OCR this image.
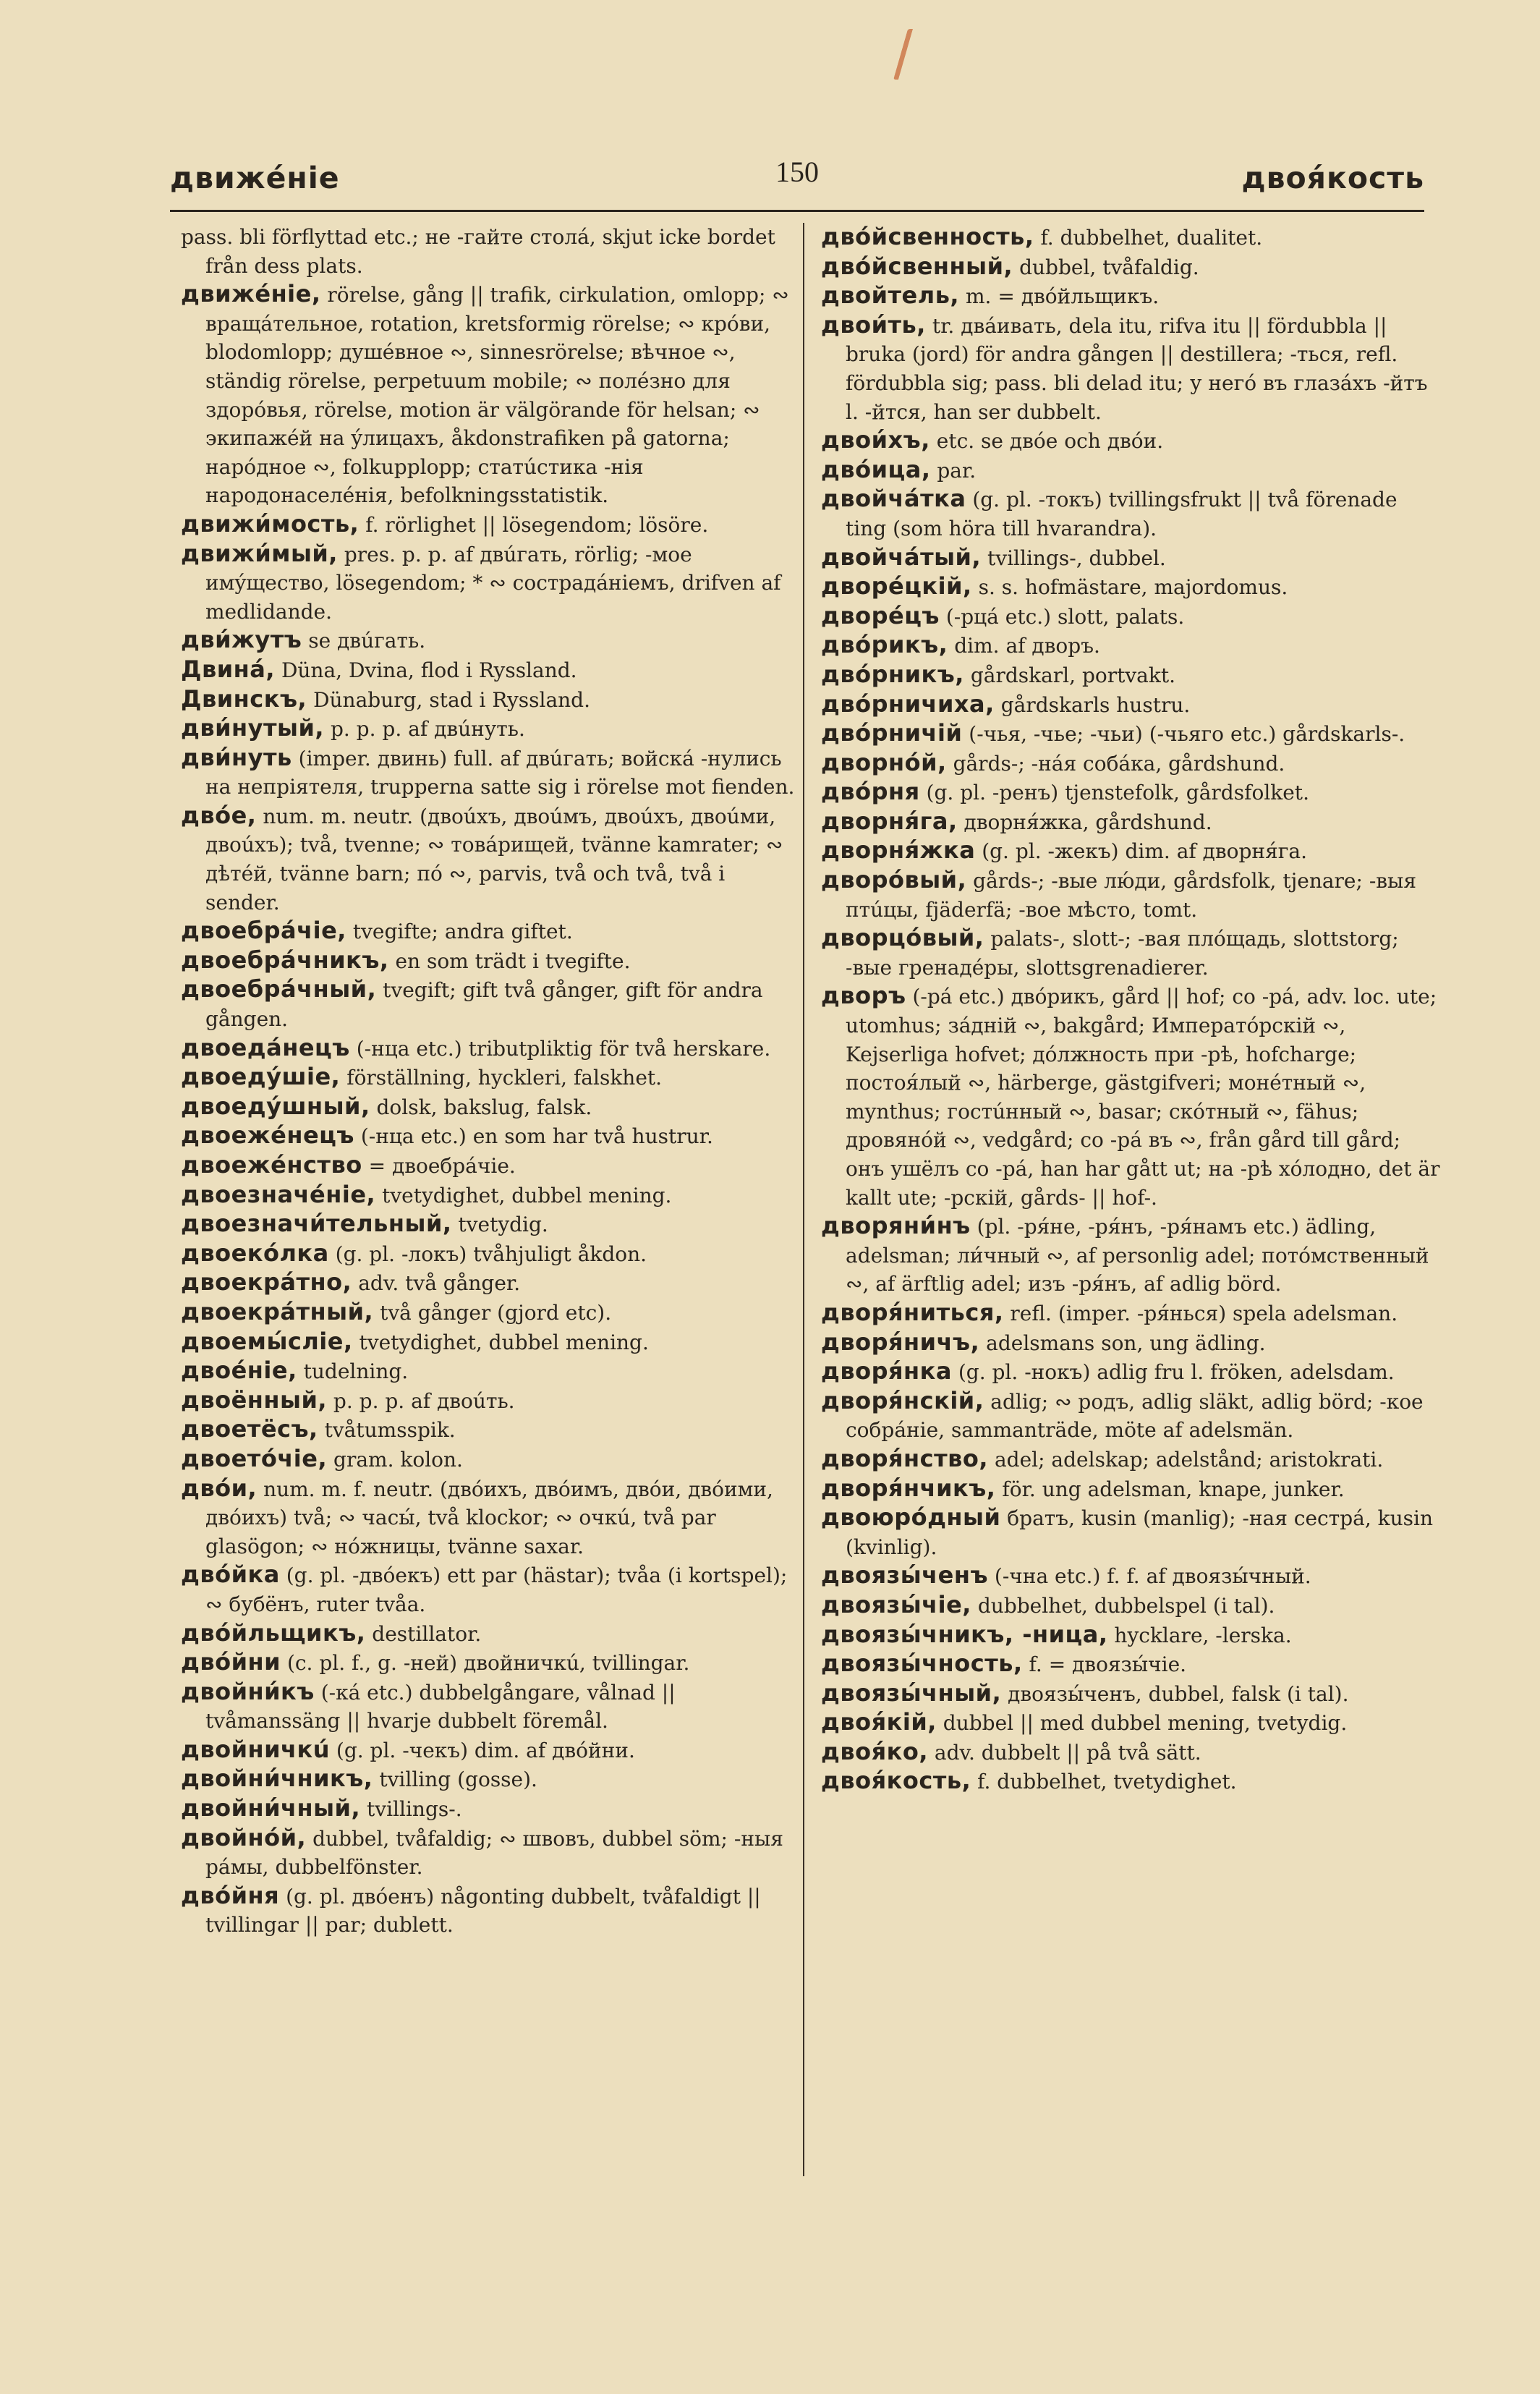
движéніе	150	двоя́кость

pass. bli förflyttad etc.; не -гайте столá, skjut icke bordet från dess plats.

движéніе, rörelse, gång || trafik, cirkulation, omlopp; ∾ вращáтельное, rotation, kretsformig rörelse; ∾ крóви, blodomlopp; душéвное ∾, sinnesrörelse; вѣчное ∾, ständig rörelse, perpetuum mobile; ∾ полéзно для здорóвья, rörelse, motion är välgörande för helsan; ∾ экипажéй на ýлицахъ, åkdonstrafiken på gatorna; нарóдное ∾, folkupplopp; статúстика -нія народонаселéнія, befolkningsstatistik.

движи́мость, f. rörlighet || lösegendom; lösöre.

движи́мый, pres. p. p. af двúгать, rörlig; -мое имýщество, lösegendom; * ∾ сострадáніемъ, drifven af medlidande.

дви́жутъ se двúгать.

Двина́, Düna, Dvina, flod i Ryssland.

Двинскъ, Dünaburg, stad i Ryssland.

дви́нутый, p. p. p. af двúнуть.

дви́нуть (imper. двинь) full. af двúгать; войскá -нулись на непріятеля, trupperna satte sig i rörelse mot fienden.

двóе, num. m. neutr. (двоúхъ, двоúмъ, двоúхъ, двоúми, двоúхъ); två, tvenne; ∾ товáрищей, tvänne kamrater; ∾ дѣтéй, tvänne barn; пó ∾, parvis, två och två, två i sender.

двоебрáчіе, tvegifte; andra giftet.

двоебрáчникъ, en som trädt i tvegifte.

двоебрáчный, tvegift; gift två gånger, gift för andra gången.

двоедáнецъ (-нца etc.) tributpliktig för två herskare.

двоедýшіе, förställning, hyckleri, falskhet.

двоедýшный, dolsk, bakslug, falsk.

двоежéнецъ (-нца etc.) en som har två hustrur.

двоежéнство = двоебрáчіе.

двоезначéніе, tvetydighet, dubbel mening.

двоезначи́тельный, tvetydig.

двоекóлка (g. pl. -локъ) tvåhjuligt åkdon.

двоекрáтно, adv. två gånger.

двоекрáтный, två gånger (gjord etc).

двоемы́сліе, tvetydighet, dubbel mening.

двоéніе, tudelning.

двоённый, p. p. p. af двоúть.

двоетёсъ, tvåtumsspik.

двоетóчіе, gram. kolon.

двóи, num. m. f. neutr. (двóихъ, двóимъ, двóи, двóими, двóихъ) två; ∾ часы́, två klockor; ∾ очкú, två par glasögon; ∾ нóжницы, tvänne saxar.

двóйка (g. pl. -двóекъ) ett par (hästar); tvåa (i kortspel); ∾ бубёнъ, ruter tvåa.

двóйльщикъ, destillator.

двóйни (c. pl. f., g. -ней) двойничкú, tvillingar.

двойни́къ (-кá etc.) dubbelgångare, vålnad || tvåmanssäng || hvarje dubbelt föremål.

двойничкú (g. pl. -чекъ) dim. af двóйни.

двойни́чникъ, tvilling (gosse).

двойни́чный, tvillings-.

двойнóй, dubbel, tvåfaldig; ∾ швовъ, dubbel söm; -ныя рáмы, dubbelfönster.

двóйня (g. pl. двóенъ) någonting dubbelt, tvåfaldigt || tvillingar || par; dublett.

двóйсвенность, f. dubbelhet, dualitet.

двóйсвенный, dubbel, tvåfaldig.

двойтель, m. = двóйльщикъ.

двои́ть, tr. двáивать, dela itu, rifva itu || fördubbla || bruka (jord) för andra gången || destillera; -ться, refl. fördubbla sig; pass. bli delad itu; у негó въ глазáхъ -йтъ l. -йтся, han ser dubbelt.

двои́хъ, etc. se двóе och двóи.

двóица, par.

двойчáтка (g. pl. -токъ) tvillingsfrukt || två förenade ting (som höra till hvarandra).

двойчáтый, tvillings-, dubbel.

дворéцкій, s. s. hofmästare, majordomus.

дворéцъ (-рцá etc.) slott, palats.

двóрикъ, dim. af дворъ.

двóрникъ, gårdskarl, portvakt.

двóрничиха, gårdskarls hustru.

двóрничій (-чья, -чье; -чьи) (-чьяго etc.) gårdskarls-.

дворнóй, gårds-; -нáя собáка, gårdshund.

двóрня (g. pl. -ренъ) tjenstefolk, gårdsfolket.

дворня́га, дворня́жка, gårdshund.

дворня́жка (g. pl. -жекъ) dim. af дворня́га.

дворóвый, gårds-; -вые лю́ди, gårdsfolk, tjenare; -выя птúцы, fjäderfä; -вое мѣсто, tomt.

дворцóвый, palats-, slott-; -вая плóщадь, slottstorg; -вые гренадéры, slottsgrenadierer.

дворъ (-рá etc.) двóрикъ, gård || hof; co -рá, adv. loc. ute; utomhus; зáдній ∾, bakgård; Императóрскій ∾, Kejserliga hofvet; дóлжность при -рѣ, hofcharge; постоя́лый ∾, härberge, gästgifveri; монéтный ∾, mynthus; гостúнный ∾, basar; скóтный ∾, fähus; дровянóй ∾, vedgård; со -рá въ ∾, från gård till gård; онъ ушёлъ со -рá, han har gått ut; на -рѣ хóлодно, det är kallt ute; -рскій, gårds- || hof-.

дворяни́нъ (pl. -ря́не, -ря́нъ, -ря́намъ etc.) ädling, adelsman; ли́чный ∾, af personlig adel; потóмственный ∾, af ärftlig adel; изъ -ря́нъ, af adlig börd.

дворя́ниться, refl. (imper. -ря́нься) spela adelsman.

дворя́ничъ, adelsmans son, ung ädling.

дворя́нка (g. pl. -нокъ) adlig fru l. fröken, adelsdam.

дворя́нскій, adlig; ∾ родъ, adlig släkt, adlig börd; -кое собрáніе, sammanträde, möte af adelsmän.

дворя́нство, adel; adelskap; adelstånd; aristokrati.

дворя́нчикъ, för. ung adelsman, knape, junker.

двоюрóдный братъ, kusin (manlig); -ная сестрá, kusin (kvinlig).

двоязы́ченъ (-чна etc.) f. f. af двоязы́чный.

двоязы́чіе, dubbelhet, dubbelspel (i tal).

двоязы́чникъ, -ница, hycklare, -lerska.

двоязы́чность, f. = двоязы́чіе.

двоязы́чный, двоязы́ченъ, dubbel, falsk (i tal).

двоя́кій, dubbel || med dubbel mening, tvetydig.

двоя́ко, adv. dubbelt || på två sätt.

двоя́кость, f. dubbelhet, tvetydighet.
